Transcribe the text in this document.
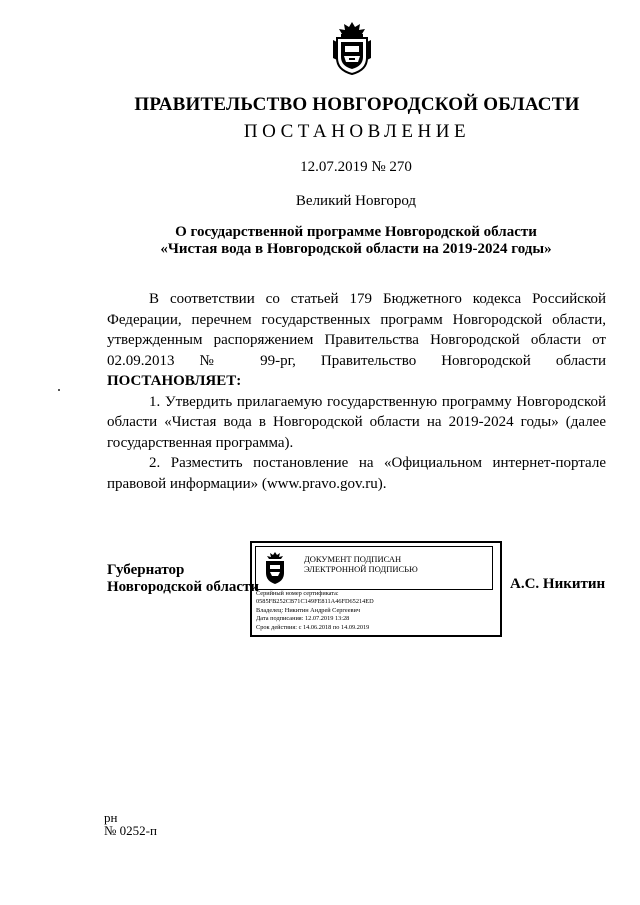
ПРАВИТЕЛЬСТВО НОВГОРОДСКОЙ ОБЛАСТИ
ПОСТАНОВЛЕНИЕ
12.07.2019 № 270
Великий Новгород
О государственной программе Новгородской области
«Чистая вода в Новгородской области на 2019-2024 годы»

В соответствии со статьей 179 Бюджетного кодекса Российской Федерации, перечнем государственных программ Новгородской области, утвержденным распоряжением Правительства Новгородской области от 02.09.2013 № 99-рг, Правительство Новгородской области

ПОСТАНОВЛЯЕТ:

1. Утвердить прилагаемую государственную программу Новгородской области «Чистая вода в Новгородской области на 2019-2024 годы» (далее государственная программа).

2. Разместить постановление на «Официальном интернет-портале правовой информации» (www.pravo.gov.ru).

Губернатор
Новгородской области
ДОКУМЕНТ ПОДПИСАН
ЭЛЕКТРОННОЙ ПОДПИСЬЮ
Серийный номер сертификата:
0585FB252CB71C149FE811A46FD65214ED
Владелец: Никитин Андрей Сергеевич
Дата подписания: 12.07.2019 13:28
Срок действия: с 14.06.2018 по 14.09.2019
А.С. Никитин
рн
№ 0252-п
